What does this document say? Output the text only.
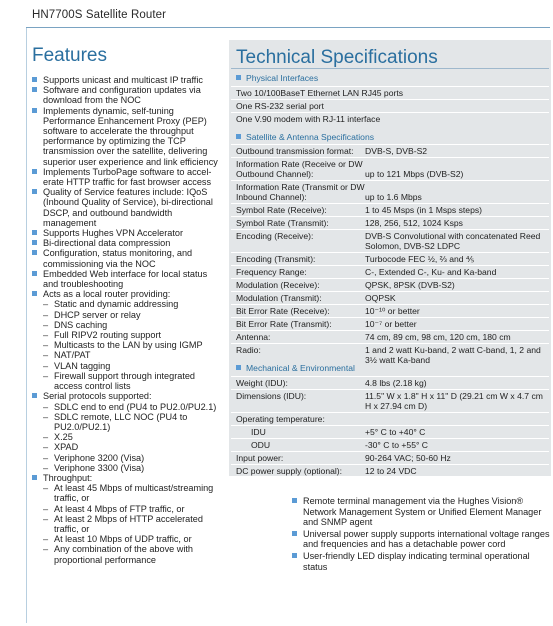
HN7700S Satellite Router
Features
Supports unicast and multicast IP traffic
Software and configuration updates via download from the NOC
Implements dynamic, self-tuning Performance Enhancement Proxy (PEP) software to accelerate the throughput performance by optimizing the TCP transmission over the satellite, delivering superior user experience and link efficiency
Implements TurboPage software to accel-erate HTTP traffic for fast browser access
Quality of Service features include: IQoS (Inbound Quality of Service), bi-directional DSCP, and outbound bandwidth management
Supports Hughes VPN Accelerator
Bi-directional data compression
Configuration, status monitoring, and commissioning via the NOC
Embedded Web interface for local status and troubleshooting
Acts as a local router providing:
– Static and dynamic addressing
– DHCP server or relay
– DNS caching
– Full RIPV2 routing support
– Multicasts to the LAN by using IGMP
– NAT/PAT
– VLAN tagging
– Firewall support through integrated access control lists
Serial protocols supported:
– SDLC end to end (PU4 to PU2.0/PU2.1)
– SDLC remote, LLC NOC (PU4 to PU2.0/PU2.1)
– X.25
– XPAD
– Veriphone 3200 (Visa)
– Veriphone 3300 (Visa)
Throughput:
– At least 45 Mbps of multicast/streaming traffic, or
– At least 4 Mbps of FTP traffic, or
– At least 2 Mbps of HTTP accelerated traffic, or
– At least 10 Mbps of UDP traffic, or
– Any combination of the above with proportional performance
Technical Specifications
Physical Interfaces
Two 10/100BaseT Ethernet LAN RJ45 ports
One RS-232 serial port
One V.90 modem with RJ-11 interface
Satellite & Antenna Specifications
Outbound transmission format:	DVB-S, DVB-S2
Information Rate (Receive or DW Outbound Channel):	up to 121 Mbps (DVB-S2)
Information Rate (Transmit or DW Inbound Channel):	up to 1.6 Mbps
Symbol Rate (Receive):	1 to 45 Msps (in 1 Msps steps)
Symbol Rate (Transmit):	128, 256, 512, 1024 Ksps
Encoding (Receive):	DVB-S Convolutional with concatenated Reed Solomon, DVB-S2 LDPC
Encoding (Transmit):	Turbocode FEC ½, ⅔ and ⅘
Frequency Range:	C-, Extended C-, Ku- and Ka-band
Modulation (Receive):	QPSK, 8PSK (DVB-S2)
Modulation (Transmit):	OQPSK
Bit Error Rate (Receive):	10⁻¹⁰ or better
Bit Error Rate (Transmit):	10⁻⁷ or better
Antenna:	74 cm, 89 cm, 98 cm, 120 cm, 180 cm
Radio:	1 and 2 watt Ku-band, 2 watt C-band, 1, 2 and 3½ watt Ka-band
Mechanical & Environmental
Weight (IDU):	4.8 lbs (2.18 kg)
Dimensions (IDU):	11.5" W x 1.8" H x 11" D (29.21 cm W x 4.7 cm H x 27.94 cm D)
Operating temperature:
IDU	+5° C to +40° C
ODU	-30° C to +55° C
Input power:	90-264 VAC; 50-60 Hz
DC power supply (optional):	12 to 24 VDC
Remote terminal management via the Hughes Vision® Network Management System or Unified Element Manager and SNMP agent
Universal power supply supports international voltage ranges and frequencies and has a detachable power cord
User-friendly LED display indicating terminal operational status
